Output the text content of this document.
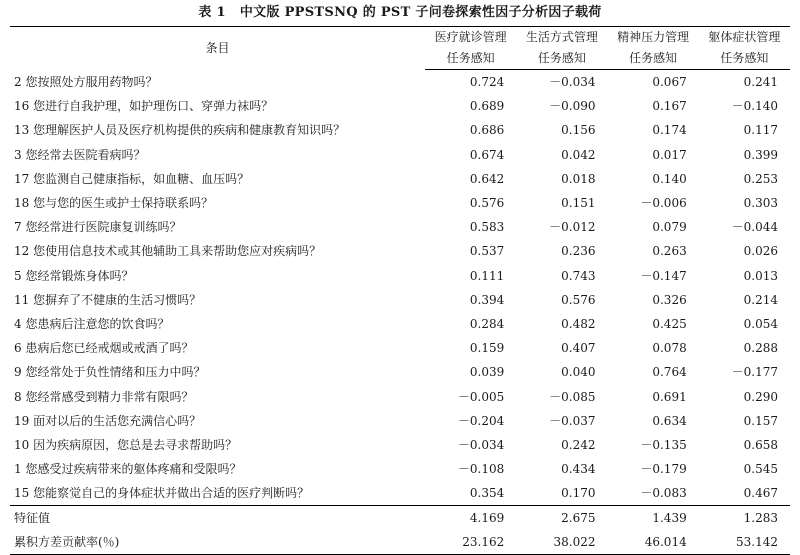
表 1 中文版 PPSTSNQ 的 PST 子问卷探索性因子分析因子载荷
条目	医疗就诊管理	生活方式管理	精神压力管理	躯体症状管理
	任务感知	任务感知	任务感知	任务感知
2 您按照处方服用药物吗？	0.724	－0.034	0.067	0.241
16 您进行自我护理，如护理伤口、穿弹力袜吗？	0.689	－0.090	0.167	－0.140
13 您理解医护人员及医疗机构提供的疾病和健康教育知识吗？	0.686	0.156	0.174	0.117
3 您经常去医院看病吗？	0.674	0.042	0.017	0.399
17 您监测自己健康指标，如血糖、血压吗？	0.642	0.018	0.140	0.253
18 您与您的医生或护士保持联系吗？	0.576	0.151	－0.006	0.303
7 您经常进行医院康复训练吗？	0.583	－0.012	0.079	－0.044
12 您使用信息技术或其他辅助工具来帮助您应对疾病吗？	0.537	0.236	0.263	0.026
5 您经常锻炼身体吗？	0.111	0.743	－0.147	0.013
11 您摒弃了不健康的生活习惯吗？	0.394	0.576	0.326	0.214
4 您患病后注意您的饮食吗？	0.284	0.482	0.425	0.054
6 患病后您已经戒烟或戒酒了吗？	0.159	0.407	0.078	0.288
9 您经常处于负性情绪和压力中吗？	0.039	0.040	0.764	－0.177
8 您经常感受到精力非常有限吗？	－0.005	－0.085	0.691	0.290
19 面对以后的生活您充满信心吗？	－0.204	－0.037	0.634	0.157
10 因为疾病原因，您总是去寻求帮助吗？	－0.034	0.242	－0.135	0.658
1 您感受过疾病带来的躯体疼痛和受限吗？	－0.108	0.434	－0.179	0.545
15 您能察觉自己的身体症状并做出合适的医疗判断吗？	0.354	0.170	－0.083	0.467
特征值	4.169	2.675	1.439	1.283
累积方差贡献率(％)	23.162	38.022	46.014	53.142
